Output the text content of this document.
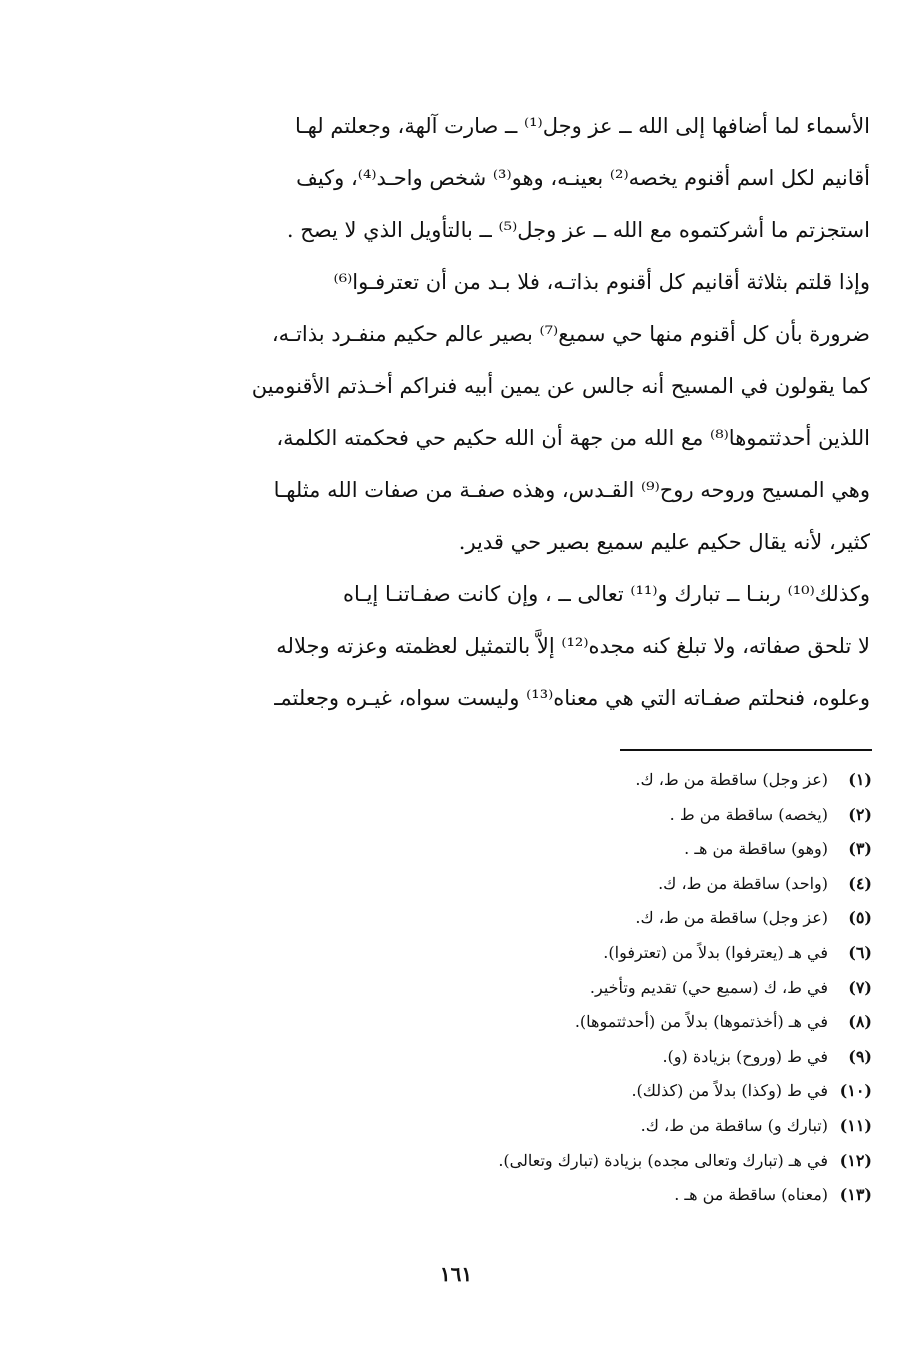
الأسماء لما أضافها إلى الله ــ عز وجل⁽¹⁾ ــ صارت آلهة، وجعلتم لهـا
أقانيم لكل اسم أقنوم يخصه⁽²⁾ بعينـه، وهو⁽³⁾ شخص واحـد⁽⁴⁾، وكيف
استجزتم ما أشركتموه مع الله ــ عز وجل⁽⁵⁾ ــ بالتأويل الذي لا يصح .

وإذا قلتم بثلاثة أقانيم كل أقنوم بذاتـه، فلا بـد من أن تعترفـوا⁽⁶⁾
ضرورة بأن كل أقنوم منها حي سميع⁽⁷⁾ بصير عالم حكيم منفـرد بذاتـه،
كما يقولون في المسيح أنه جالس عن يمين أبيه فنراكم أخـذتم الأقنومين
اللذين أحدثتموها⁽⁸⁾ مع الله من جهة أن الله حكيم حي فحكمته الكلمة،
وهي المسيح وروحه روح⁽⁹⁾ القـدس، وهذه صفـة من صفات الله مثلهـا
كثير، لأنه يقال حكيم عليم سميع بصير حي قدير.

وكذلك⁽¹⁰⁾ ربنـا ــ تبارك و⁽¹¹⁾ تعالى ــ ، وإن كانت صفـاتنـا إيـاه
لا تلحق صفاته، ولا تبلغ كنه مجده⁽¹²⁾ إلاَّ بالتمثيل لعظمته وعزته وجلاله
وعلوه، فنحلتم صفـاته التي هي معناه⁽¹³⁾ وليست سواه، غيـره وجعلتمـ

(١)(عز وجل) ساقطة من ط، ك.
(٢)(يخصه) ساقطة من ط .
(٣)(وهو) ساقطة من هـ .
(٤)(واحد) ساقطة من ط، ك.
(٥)(عز وجل) ساقطة من ط، ك.
(٦)في هـ (يعترفوا) بدلاً من (تعترفوا).
(٧)في ط، ك (سميع حي) تقديم وتأخير.
(٨)في هـ (أخذتموها) بدلاً من (أحدثتموها).
(٩)في ط (وروح) بزيادة (و).
(١٠)في ط (وكذا) بدلاً من (كذلك).
(١١)(تبارك و) ساقطة من ط، ك.
(١٢)في هـ (تبارك وتعالى مجده) بزيادة (تبارك وتعالى).
(١٣)(معناه) ساقطة من هـ .
١٦١
